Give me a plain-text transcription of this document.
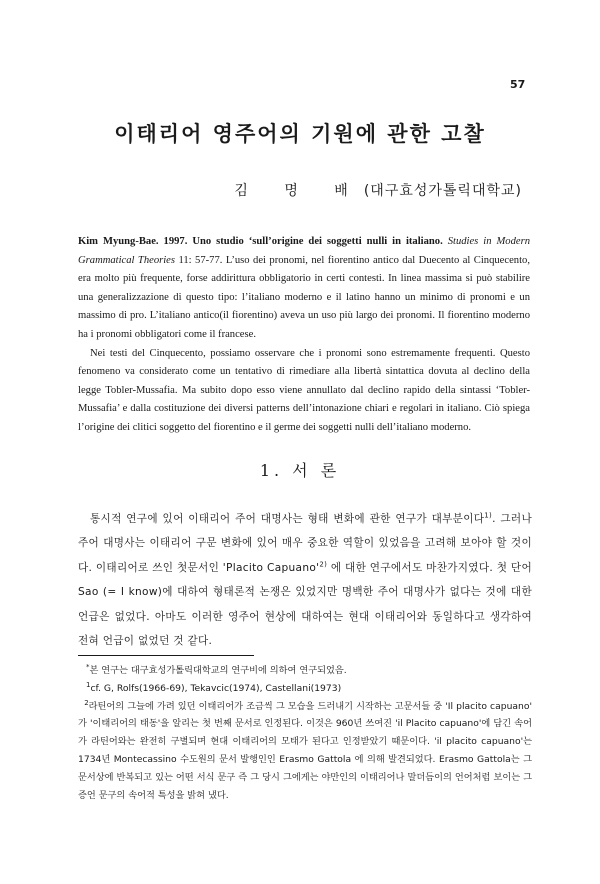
57
이태리어 영주어의 기원에 관한 고찰
김 명 배(대구효성가톨릭대학교)

Kim Myung-Bae. 1997. Uno studio ‘sull’origine dei soggetti nulli in italiano. Studies in Modern Grammatical Theories 11: 57-77. L’uso dei pronomi, nel fiorentino antico dal Duecento al Cinquecento, era molto più frequente, forse addirittura obbligatorio in certi contesti. In linea massima si può stabilire una generalizzazione di questo tipo: l’italiano moderno e il latino hanno un minimo di pronomi e un massimo di pro. L’italiano antico(il fiorentino) aveva un uso più largo dei pronomi. Il fiorentino moderno ha i pronomi obbligatori come il francese.

Nei testi del Cinquecento, possiamo osservare che i pronomi sono estremamente frequenti. Questo fenomeno va considerato come un tentativo di rimediare alla libertà sintattica dovuta al declino della legge Tobler-Mussafia. Ma subito dopo esso viene annullato dal declino rapido della sintassi ‘Tobler-Mussafia’ e dalla costituzione dei diversi patterns dell’intonazione chiari e regolari in italiano. Ciò spiega l’origine dei clitici soggetto del fiorentino e il germe dei soggetti nulli dell’italiano moderno.

1. 서 론

통시적 연구에 있어 이태리어 주어 대명사는 형태 변화에 관한 연구가 대부분이다$^{1)}$. 그러나 주어 대명사는 이태리어 구문 변화에 있어 매우 중요한 역할이 있었음을 고려해 보아야 할 것이다. 이태리어로 쓰인 첫문서인 'Placito $Capuano'^{2)}$ 에 대한 연구에서도 마찬가지였다. 첫 단어 Sao (= I know)에 대하여 형태론적 논쟁은 있었지만 명백한 주어 대명사가 없다는 것에 대한 언급은 없었다. 아마도 이러한 영주어 현상에 대하여는 현대 이태리어와 동일하다고 생각하여 전혀 언급이 없었던 것 같다.

*본 연구는 대구효성가톨릭대학교의 연구비에 의하여 연구되었음.

$^1$cf. G, Rolfs(1966-69), Tekavcic(1974), Castellani(1973)

$^2$라틴어의 그늘에 가려 있던 이태리어가 조금씩 그 모습을 드러내기 시작하는 고문서들 중 'Il placito capuano' 가 '이태리어의 태동'을 알리는 첫 번째 문서로 인정된다. 이것은 960년 쓰여진 'il Placito capuano'에 담긴 속어가 라틴어와는 완전히 구별되며 현대 이태리어의 모태가 된다고 인정받았기 때문이다. 'il placito capuano'는 1734년 Montecassino 수도원의 문서 발행인인 Erasmo Gattola 에 의해 발견되었다. Erasmo Gattola는 그 문서상에 반복되고 있는 어떤 서식 문구 즉 그 당시 그에게는 야만인의 이태리어나 말더듬이의 언어처럼 보이는 그 증언 문구의 속어적 특성을 밝혀 냈다.
